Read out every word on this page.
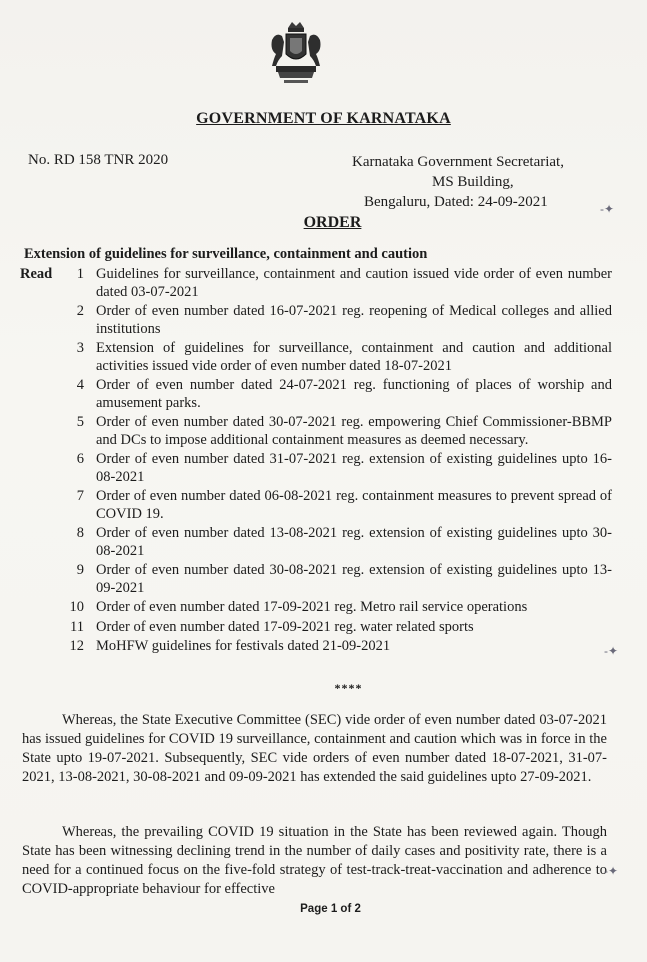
GOVERNMENT OF KARNATAKA
No. RD 158 TNR 2020	Karnataka Government Secretariat,
MS Building,
Bengaluru, Dated: 24-09-2021
ORDER
Extension of guidelines for surveillance, containment and caution
Read	1 Guidelines for surveillance, containment and caution issued vide order of even number dated 03-07-2021
2 Order of even number dated 16-07-2021 reg. reopening of Medical colleges and allied institutions
3 Extension of guidelines for surveillance, containment and caution and additional activities issued vide order of even number dated 18-07-2021
4 Order of even number dated 24-07-2021 reg. functioning of places of worship and amusement parks.
5 Order of even number dated 30-07-2021 reg. empowering Chief Commissioner-BBMP and DCs to impose additional containment measures as deemed necessary.
6 Order of even number dated 31-07-2021 reg. extension of existing guidelines upto 16-08-2021
7 Order of even number dated 06-08-2021 reg. containment measures to prevent spread of COVID 19.
8 Order of even number dated 13-08-2021 reg. extension of existing guidelines upto 30-08-2021
9 Order of even number dated 30-08-2021 reg. extension of existing guidelines upto 13-09-2021
10 Order of even number dated 17-09-2021 reg. Metro rail service operations
11 Order of even number dated 17-09-2021 reg. water related sports
12 MoHFW guidelines for festivals dated 21-09-2021
****
Whereas, the State Executive Committee (SEC) vide order of even number dated 03-07-2021 has issued guidelines for COVID 19 surveillance, containment and caution which was in force in the State upto 19-07-2021. Subsequently, SEC vide orders of even number dated 18-07-2021, 31-07-2021, 13-08-2021, 30-08-2021 and 09-09-2021 has extended the said guidelines upto 27-09-2021.
Whereas, the prevailing COVID 19 situation in the State has been reviewed again. Though State has been witnessing declining trend in the number of daily cases and positivity rate, there is a need for a continued focus on the five-fold strategy of test-track-treat-vaccination and adherence to COVID-appropriate behaviour for effective
Page 1 of 2
-✦
-✦
-✦
